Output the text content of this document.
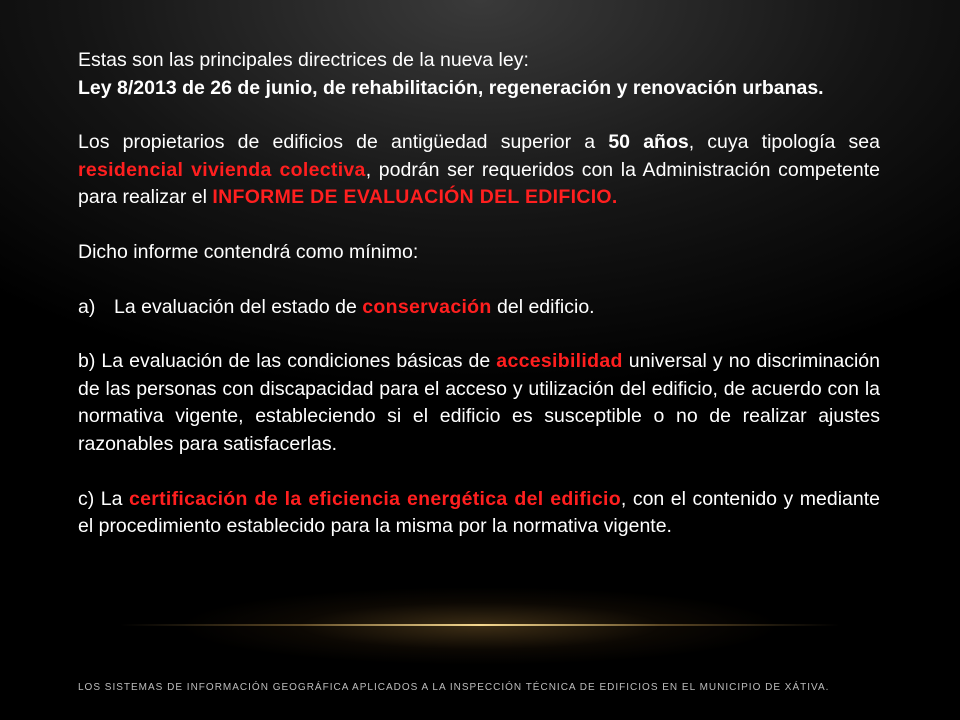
Estas son las principales directrices de la nueva ley:

Ley 8/2013 de 26 de junio, de rehabilitación, regeneración y renovación urbanas.

Los propietarios de edificios de antigüedad superior a 50 años, cuya tipología sea residencial vivienda colectiva, podrán ser requeridos con la Administración competente para realizar el INFORME DE EVALUACIÓN DEL EDIFICIO.

Dicho informe contendrá como mínimo:

a) La evaluación del estado de conservación del edificio.

b) La evaluación de las condiciones básicas de accesibilidad universal y no discriminación de las personas con discapacidad para el acceso y utilización del edificio, de acuerdo con la normativa vigente, estableciendo si el edificio es susceptible o no de realizar ajustes razonables para satisfacerlas.

c) La certificación de la eficiencia energética del edificio, con el contenido y mediante el procedimiento establecido para la misma por la normativa vigente.

LOS SISTEMAS DE INFORMACIÓN GEOGRÁFICA APLICADOS A LA INSPECCIÓN TÉCNICA DE EDIFICIOS EN EL MUNICIPIO DE XÁTIVA.
